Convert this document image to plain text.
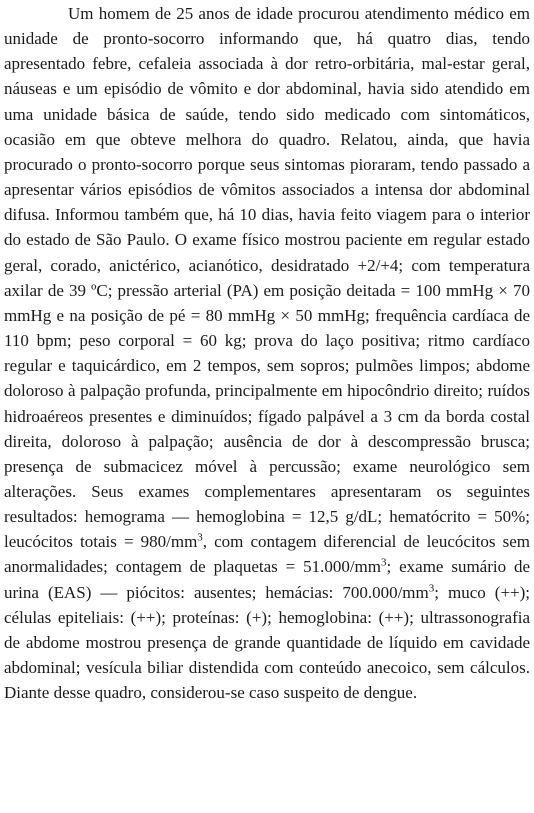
Um homem de 25 anos de idade procurou atendimento médico em unidade de pronto-socorro informando que, há quatro dias, tendo apresentado febre, cefaleia associada à dor retro-orbitária, mal-estar geral, náuseas e um episódio de vômito e dor abdominal, havia sido atendido em uma unidade básica de saúde, tendo sido medicado com sintomáticos, ocasião em que obteve melhora do quadro. Relatou, ainda, que havia procurado o pronto-socorro porque seus sintomas pioraram, tendo passado a apresentar vários episódios de vômitos associados a intensa dor abdominal difusa. Informou também que, há 10 dias, havia feito viagem para o interior do estado de São Paulo. O exame físico mostrou paciente em regular estado geral, corado, anictérico, acianótico, desidratado +2/+4; com temperatura axilar de 39 ºC; pressão arterial (PA) em posição deitada = 100 mmHg × 70 mmHg e na posição de pé = 80 mmHg × 50 mmHg; frequência cardíaca de 110 bpm; peso corporal = 60 kg; prova do laço positiva; ritmo cardíaco regular e taquicárdico, em 2 tempos, sem sopros; pulmões limpos; abdome doloroso à palpação profunda, principalmente em hipocôndrio direito; ruídos hidroaéreos presentes e diminuídos; fígado palpável a 3 cm da borda costal direita, doloroso à palpação; ausência de dor à descompressão brusca; presença de submacicez móvel à percussão; exame neurológico sem alterações. Seus exames complementares apresentaram os seguintes resultados: hemograma — hemoglobina = 12,5 g/dL; hematócrito = 50%; leucócitos totais = $980/mm^3$, com contagem diferencial de leucócitos sem anormalidades; contagem de plaquetas = $51.000/mm^3$; exame sumário de urina (EAS) — piócitos: ausentes; hemácias: $700.000/mm^3$; muco (++); células epiteliais: (++); proteínas: (+); hemoglobina: (++); ultrassonografia de abdome mostrou presença de grande quantidade de líquido em cavidade abdominal; vesícula biliar distendida com conteúdo anecoico, sem cálculos. Diante desse quadro, considerou-se caso suspeito de dengue.
